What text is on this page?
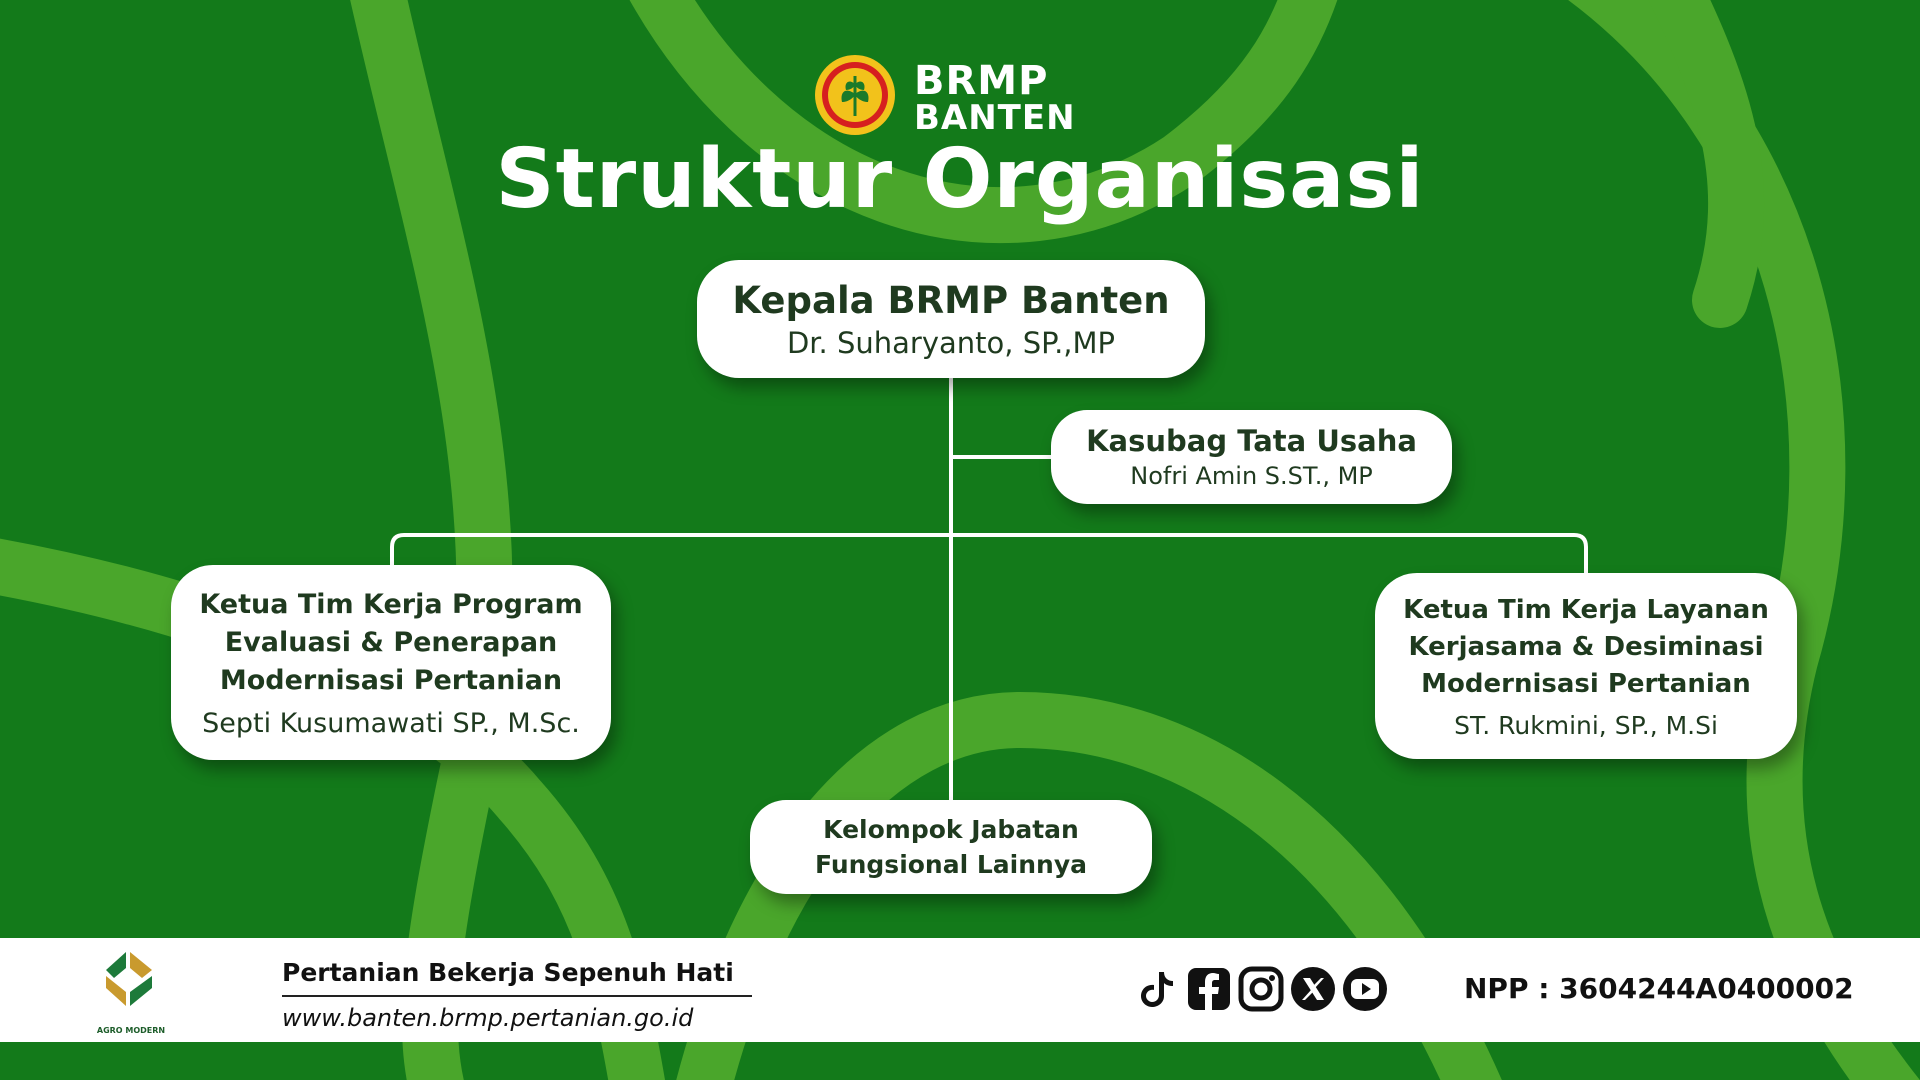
BRMP
BANTEN
Struktur Organisasi
Kepala BRMP Banten
Dr. Suharyanto, SP.,MP
Kasubag Tata Usaha
Nofri Amin S.ST., MP
Ketua Tim Kerja Program Evaluasi & Penerapan Modernisasi Pertanian
Septi Kusumawati SP., M.Sc.
Ketua Tim Kerja Layanan Kerjasama & Desiminasi Modernisasi Pertanian
ST. Rukmini, SP., M.Si
Kelompok Jabatan Fungsional Lainnya
AGRO MODERN
Pertanian Bekerja Sepenuh Hati
www.banten.brmp.pertanian.go.id
NPP : 3604244A0400002
